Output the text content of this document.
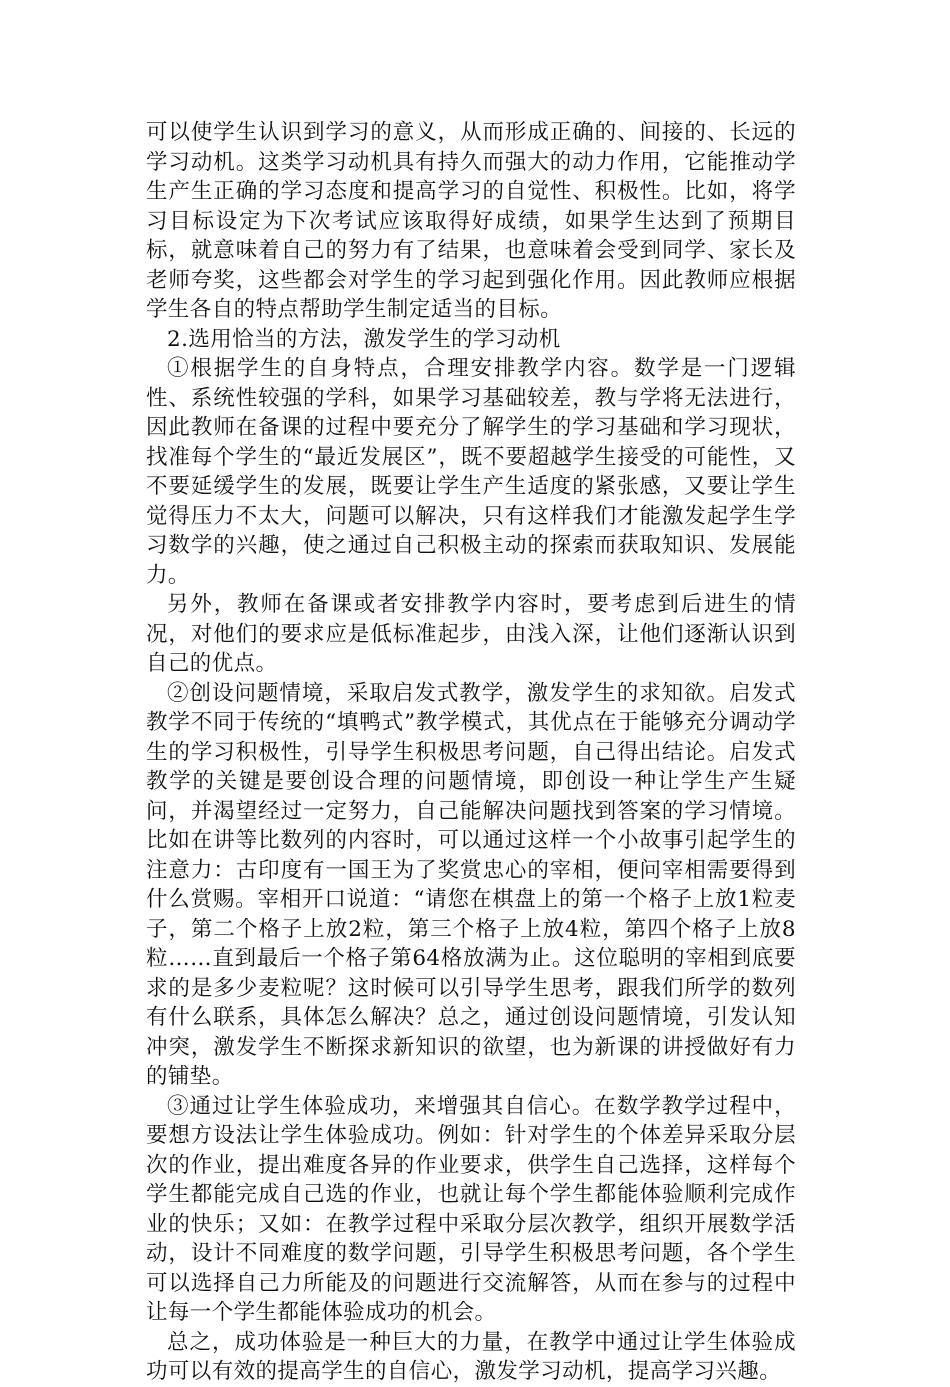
可以使学生认识到学习的意义，从而形成正确的、间接的、长远的学习动机。这类学习动机具有持久而强大的动力作用，它能推动学生产生正确的学习态度和提高学习的自觉性、积极性。比如，将学习目标设定为下次考试应该取得好成绩，如果学生达到了预期目标，就意味着自己的努力有了结果，也意味着会受到同学、家长及老师夸奖，这些都会对学生的学习起到强化作用。因此教师应根据学生各自的特点帮助学生制定适当的目标。

2.选用恰当的方法，激发学生的学习动机

①根据学生的自身特点，合理安排教学内容。数学是一门逻辑性、系统性较强的学科，如果学习基础较差，教与学将无法进行，因此教师在备课的过程中要充分了解学生的学习基础和学习现状，找准每个学生的“最近发展区”，既不要超越学生接受的可能性，又不要延缓学生的发展，既要让学生产生适度的紧张感，又要让学生觉得压力不太大，问题可以解决，只有这样我们才能激发起学生学习数学的兴趣，使之通过自己积极主动的探索而获取知识、发展能力。

另外，教师在备课或者安排教学内容时，要考虑到后进生的情况，对他们的要求应是低标准起步，由浅入深，让他们逐渐认识到自己的优点。

②创设问题情境，采取启发式教学，激发学生的求知欲。启发式教学不同于传统的“填鸭式”教学模式，其优点在于能够充分调动学生的学习积极性，引导学生积极思考问题，自己得出结论。启发式教学的关键是要创设合理的问题情境，即创设一种让学生产生疑问，并渴望经过一定努力，自己能解决问题找到答案的学习情境。比如在讲等比数列的内容时，可以通过这样一个小故事引起学生的注意力：古印度有一国王为了奖赏忠心的宰相，便问宰相需要得到什么赏赐。宰相开口说道：“请您在棋盘上的第一个格子上放1粒麦子，第二个格子上放2粒，第三个格子上放4粒，第四个格子上放8粒……直到最后一个格子第64格放满为止。这位聪明的宰相到底要求的是多少麦粒呢？这时候可以引导学生思考，跟我们所学的数列有什么联系，具体怎么解决？总之，通过创设问题情境，引发认知冲突，激发学生不断探求新知识的欲望，也为新课的讲授做好有力的铺垫。

③通过让学生体验成功，来增强其自信心。在数学教学过程中，要想方设法让学生体验成功。例如：针对学生的个体差异采取分层次的作业，提出难度各异的作业要求，供学生自己选择，这样每个学生都能完成自己选的作业，也就让每个学生都能体验顺利完成作业的快乐；又如：在教学过程中采取分层次教学，组织开展数学活动，设计不同难度的数学问题，引导学生积极思考问题，各个学生可以选择自己力所能及的问题进行交流解答，从而在参与的过程中让每一个学生都能体验成功的机会。

总之，成功体验是一种巨大的力量，在教学中通过让学生体验成功可以有效的提高学生的自信心，激发学习动机，提高学习兴趣。
